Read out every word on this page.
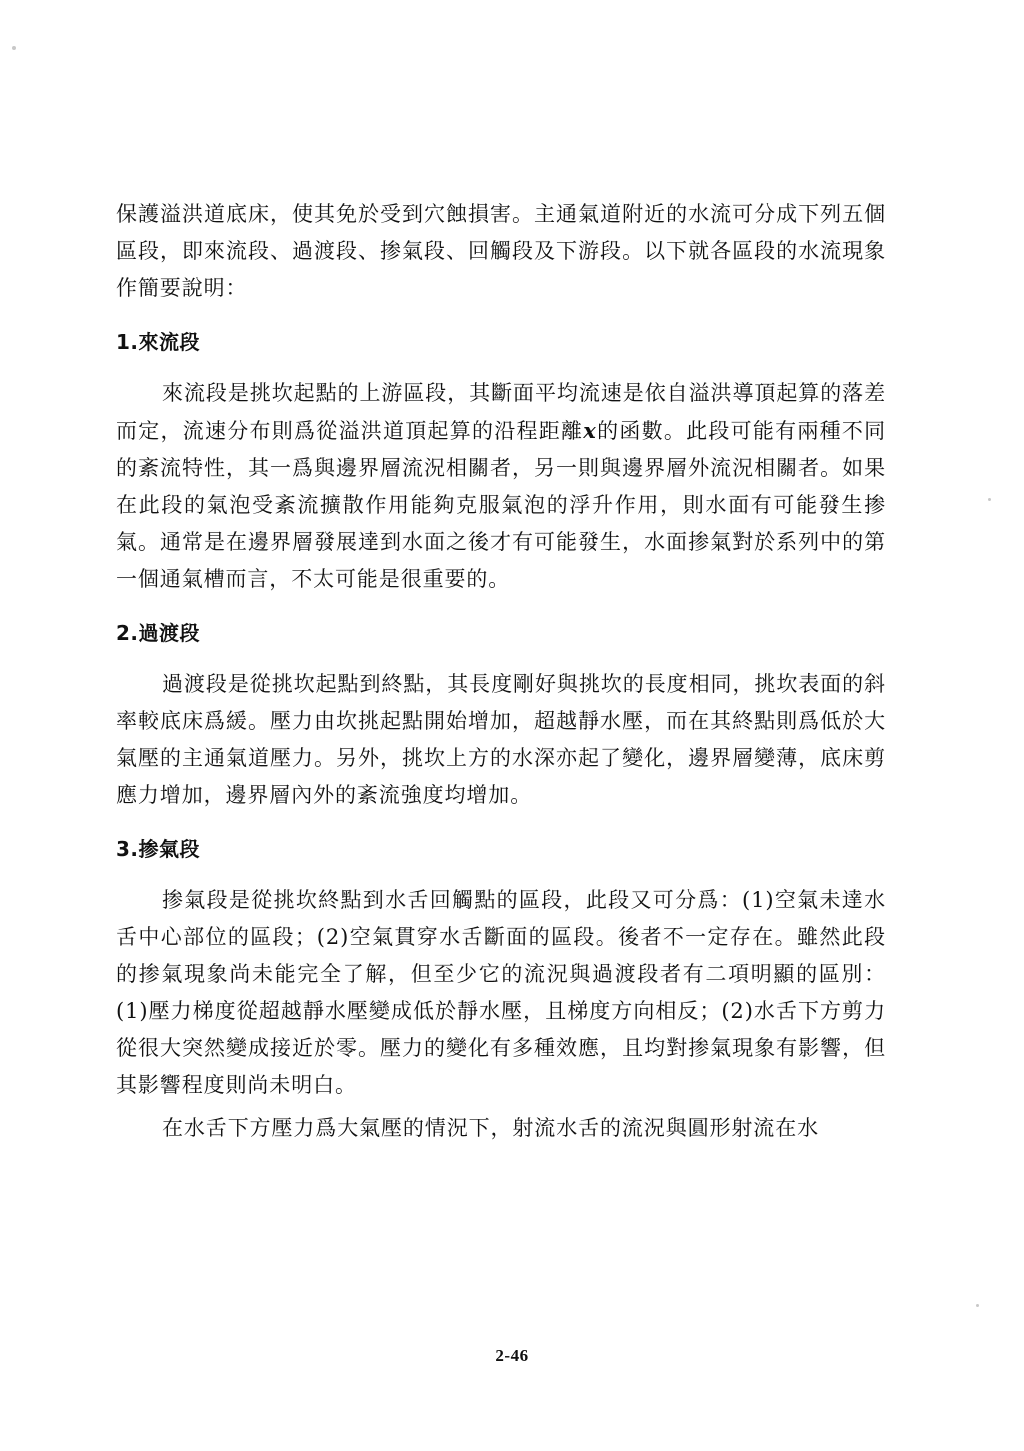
保護溢洪道底床，使其免於受到穴蝕損害。主通氣道附近的水流可分成下列五個區段，即來流段、過渡段、掺氣段、回觸段及下游段。以下就各區段的水流現象作簡要說明：

1.來流段

來流段是挑坎起點的上游區段，其斷面平均流速是依自溢洪導頂起算的落差而定，流速分布則爲從溢洪道頂起算的沿程距離x的函數。此段可能有兩種不同的紊流特性，其一爲與邊界層流況相關者，另一則與邊界層外流況相關者。如果在此段的氣泡受紊流擴散作用能夠克服氣泡的浮升作用，則水面有可能發生掺氣。通常是在邊界層發展達到水面之後才有可能發生，水面掺氣對於系列中的第一個通氣槽而言，不太可能是很重要的。

2.過渡段

過渡段是從挑坎起點到終點，其長度剛好與挑坎的長度相同，挑坎表面的斜率較底床爲緩。壓力由坎挑起點開始增加，超越靜水壓，而在其終點則爲低於大氣壓的主通氣道壓力。另外，挑坎上方的水深亦起了變化，邊界層變薄，底床剪應力增加，邊界層內外的紊流強度均增加。

3.掺氣段

掺氣段是從挑坎終點到水舌回觸點的區段，此段又可分爲：(1)空氣未達水舌中心部位的區段；(2)空氣貫穿水舌斷面的區段。後者不一定存在。雖然此段的掺氣現象尚未能完全了解，但至少它的流況與過渡段者有二項明顯的區別：(1)壓力梯度從超越靜水壓變成低於靜水壓，且梯度方向相反；(2)水舌下方剪力從很大突然變成接近於零。壓力的變化有多種效應，且均對掺氣現象有影響，但其影響程度則尚未明白。

在水舌下方壓力爲大氣壓的情況下，射流水舌的流況與圓形射流在水

2-46
